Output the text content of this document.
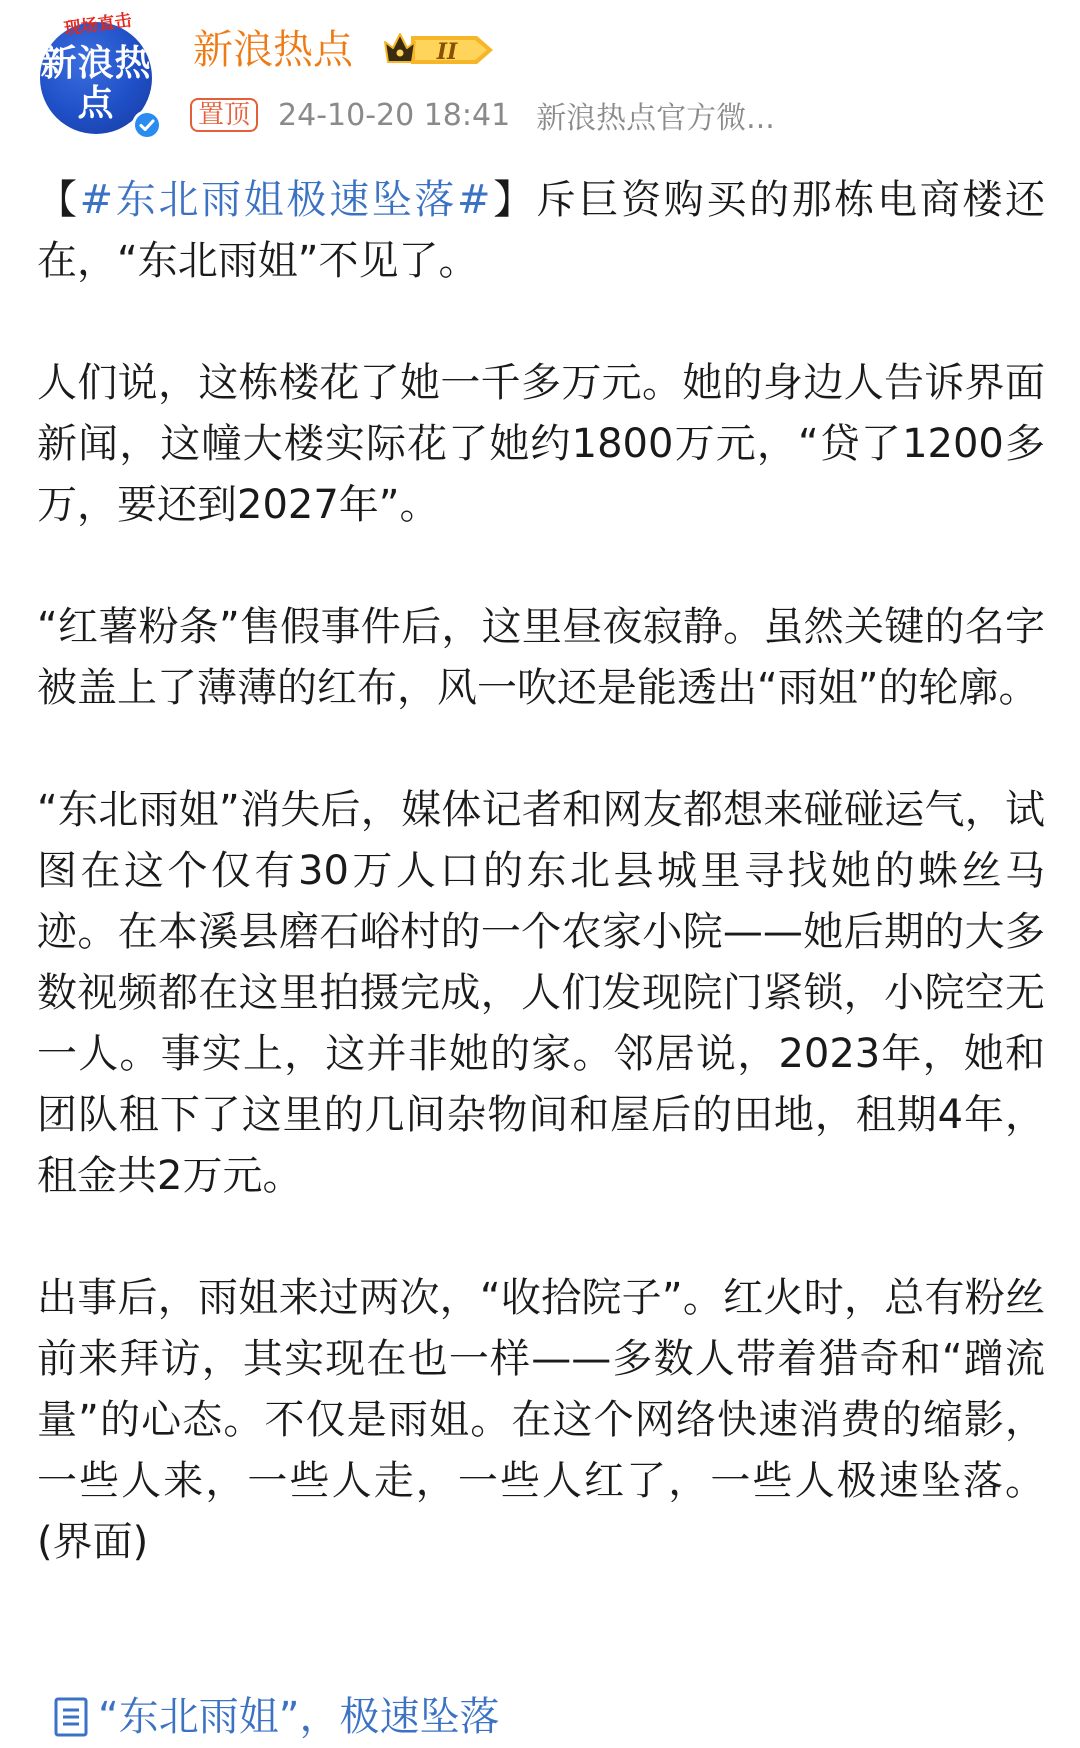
新浪热点
现场直击
新浪热点	II
置顶 24-10-20 18:41 新浪热点官方微...

【#东北雨姐极速坠落#】斥巨资购买的那栋电商楼还在，“东北雨姐”不见了。

人们说，这栋楼花了她一千多万元。她的身边人告诉界面新闻，这幢大楼实际花了她约1800万元，“贷了1200多万，要还到2027年”。

“红薯粉条”售假事件后，这里昼夜寂静。虽然关键的名字被盖上了薄薄的红布，风一吹还是能透出“雨姐”的轮廓。

“东北雨姐”消失后，媒体记者和网友都想来碰碰运气，试图在这个仅有30万人口的东北县城里寻找她的蛛丝马迹。在本溪县磨石峪村的一个农家小院——她后期的大多数视频都在这里拍摄完成，人们发现院门紧锁，小院空无一人。事实上，这并非她的家。邻居说，2023年，她和团队租下了这里的几间杂物间和屋后的田地，租期4年，租金共2万元。

出事后，雨姐来过两次，“收拾院子”。红火时，总有粉丝前来拜访，其实现在也一样——多数人带着猎奇和“蹭流量”的心态。不仅是雨姐。在这个网络快速消费的缩影，一些人来，一些人走，一些人红了，一些人极速坠落。(界面)

“东北雨姐”，极速坠落
